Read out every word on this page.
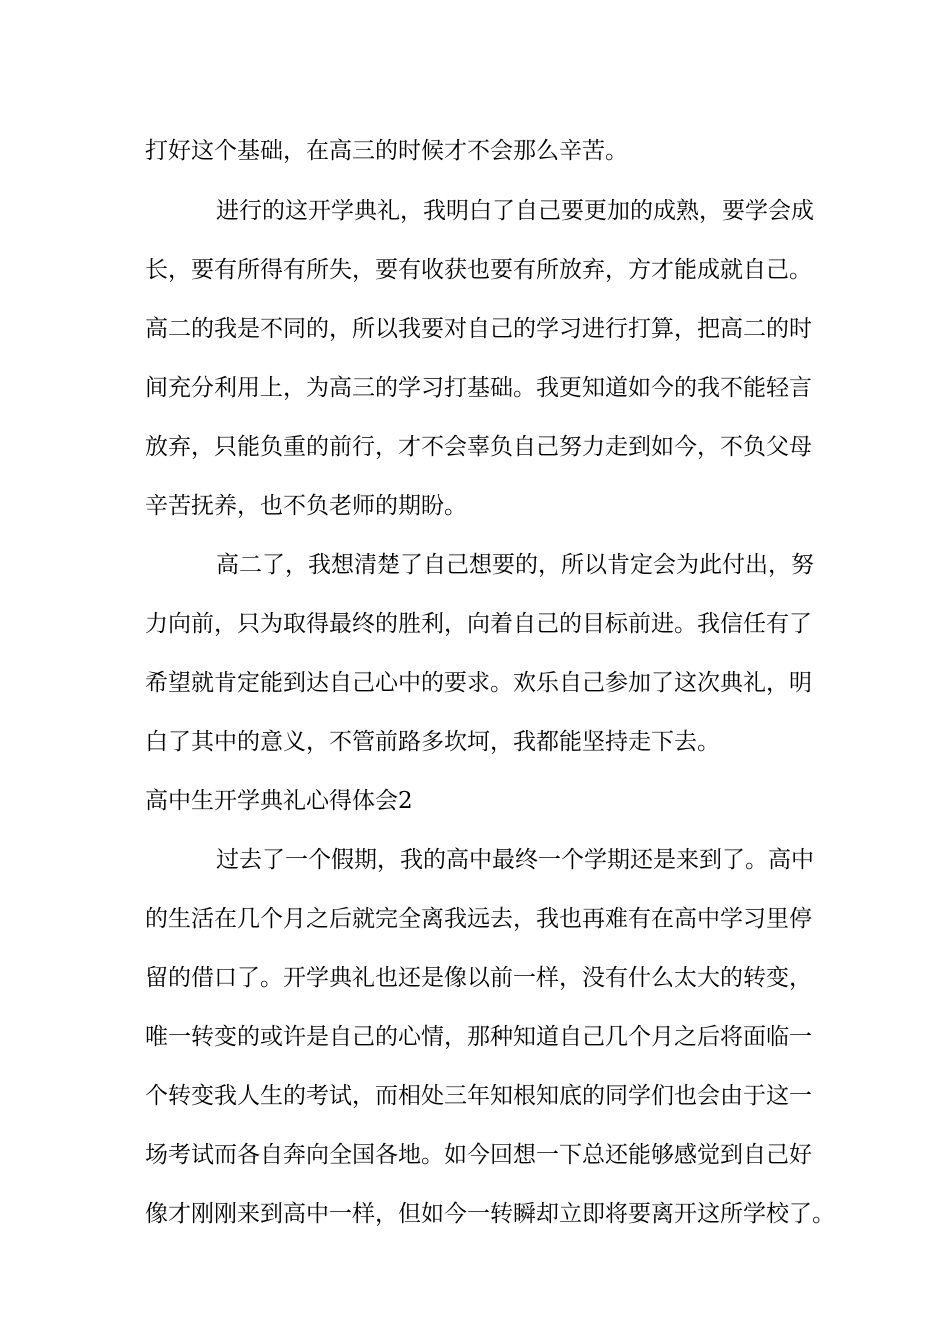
打好这个基础，在高三的时候才不会那么辛苦。
进行的这开学典礼，我明白了自己要更加的成熟，要学会成
长，要有所得有所失，要有收获也要有所放弃，方才能成就自己。
高二的我是不同的，所以我要对自己的学习进行打算，把高二的时
间充分利用上，为高三的学习打基础。我更知道如今的我不能轻言
放弃，只能负重的前行，才不会辜负自己努力走到如今，不负父母
辛苦抚养，也不负老师的期盼。
高二了，我想清楚了自己想要的，所以肯定会为此付出，努
力向前，只为取得最终的胜利，向着自己的目标前进。我信任有了
希望就肯定能到达自己心中的要求。欢乐自己参加了这次典礼，明
白了其中的意义，不管前路多坎坷，我都能坚持走下去。
高中生开学典礼心得体会2
过去了一个假期，我的高中最终一个学期还是来到了。高中
的生活在几个月之后就完全离我远去，我也再难有在高中学习里停
留的借口了。开学典礼也还是像以前一样，没有什么太大的转变，
唯一转变的或许是自己的心情，那种知道自己几个月之后将面临一
个转变我人生的考试，而相处三年知根知底的同学们也会由于这一
场考试而各自奔向全国各地。如今回想一下总还能够感觉到自己好
像才刚刚来到高中一样，但如今一转瞬却立即将要离开这所学校了。
